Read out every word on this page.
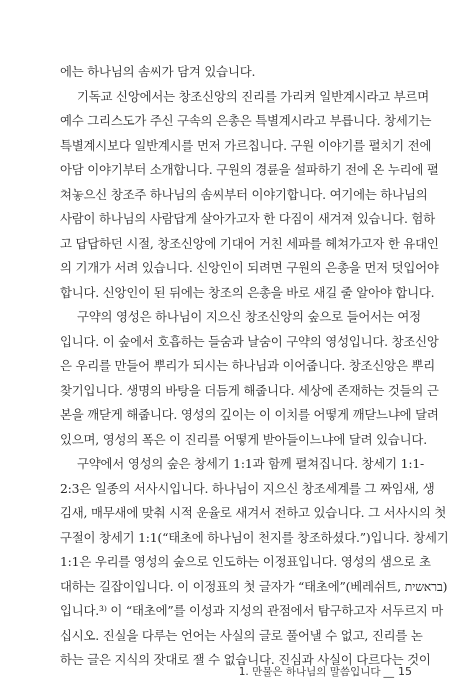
에는 하나님의 솜씨가 담겨 있습니다.
기독교 신앙에서는 창조신앙의 진리를 가리켜 일반계시라고 부르며
예수 그리스도가 주신 구속의 은총은 특별계시라고 부릅니다. 창세기는
특별계시보다 일반계시를 먼저 가르칩니다. 구원 이야기를 펼치기 전에
아담 이야기부터 소개합니다. 구원의 경륜을 설파하기 전에 온 누리에 펼
쳐놓으신 창조주 하나님의 솜씨부터 이야기합니다. 여기에는 하나님의
사람이 하나님의 사람답게 살아가고자 한 다짐이 새겨져 있습니다. 험하
고 답답하던 시절, 창조신앙에 기대어 거친 세파를 헤쳐가고자 한 유대인
의 기개가 서려 있습니다. 신앙인이 되려면 구원의 은총을 먼저 덧입어야
합니다. 신앙인이 된 뒤에는 창조의 은총을 바로 새길 줄 알아야 합니다.
구약의 영성은 하나님이 지으신 창조신앙의 숲으로 들어서는 여정
입니다. 이 숲에서 호흡하는 들숨과 날숨이 구약의 영성입니다. 창조신앙
은 우리를 만들어 뿌리가 되시는 하나님과 이어줍니다. 창조신앙은 뿌리
찾기입니다. 생명의 바탕을 더듬게 해줍니다. 세상에 존재하는 것들의 근
본을 깨닫게 해줍니다. 영성의 깊이는 이 이치를 어떻게 깨닫느냐에 달려
있으며, 영성의 폭은 이 진리를 어떻게 받아들이느냐에 달려 있습니다.
구약에서 영성의 숲은 창세기 1:1과 함께 펼쳐집니다. 창세기 1:1-
2:3은 일종의 서사시입니다. 하나님이 지으신 창조세계를 그 짜임새, 생
김새, 매무새에 맞춰 시적 운율로 새겨서 전하고 있습니다. 그 서사시의 첫
구절이 창세기 1:1(“태초에 하나님이 천지를 창조하셨다.”)입니다. 창세기
1:1은 우리를 영성의 숲으로 인도하는 이정표입니다. 영성의 샘으로 초
대하는 길잡이입니다. 이 이정표의 첫 글자가 “태초에”(베레쉬트, בראשית)
입니다.³⁾ 이 “태초에”를 이성과 지성의 관점에서 탐구하고자 서두르지 마
십시오. 진실을 다루는 언어는 사실의 글로 풀어낼 수 없고, 진리를 논
하는 글은 지식의 잣대로 잴 수 없습니다. 진심과 사실이 다르다는 것이
1. 만물은 하나님의 말씀입니다 __ 15
